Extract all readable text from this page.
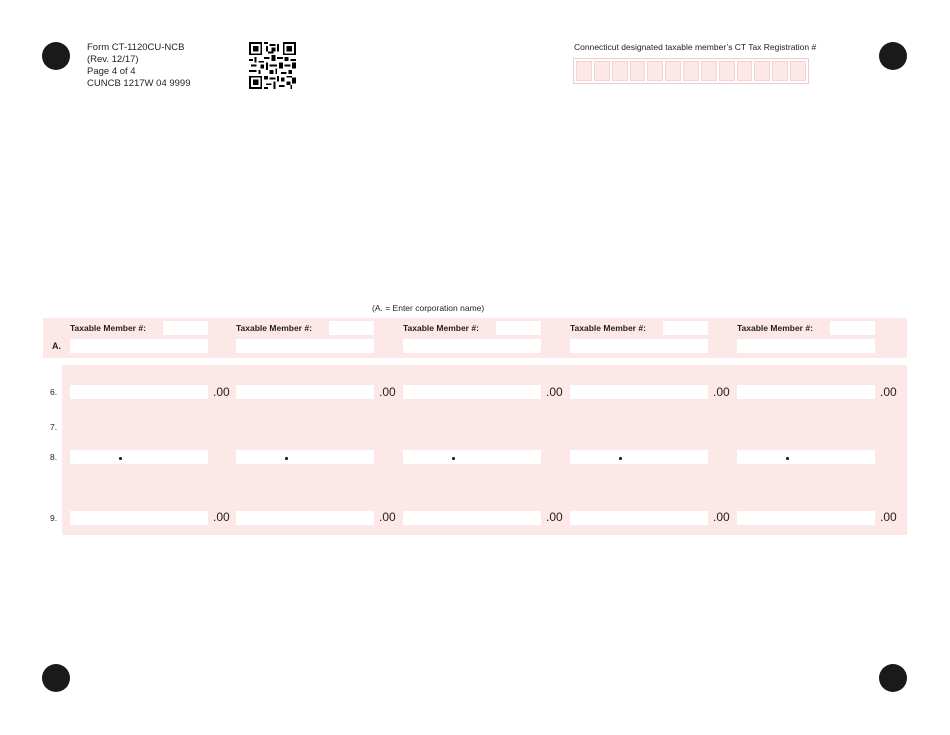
Form CT-1120CU-NCB
(Rev. 12/17)
Page 4 of 4
CUNCB 1217W 04 9999
Connecticut designated taxable member’s CT Tax Registration #
(A. = Enter corporation name)
A.
6.
7.
8.
9.
Taxable Member #:
.00
.00
Taxable Member #:
.00
.00
Taxable Member #:
.00
.00
Taxable Member #:
.00
.00
Taxable Member #:
.00
.00
